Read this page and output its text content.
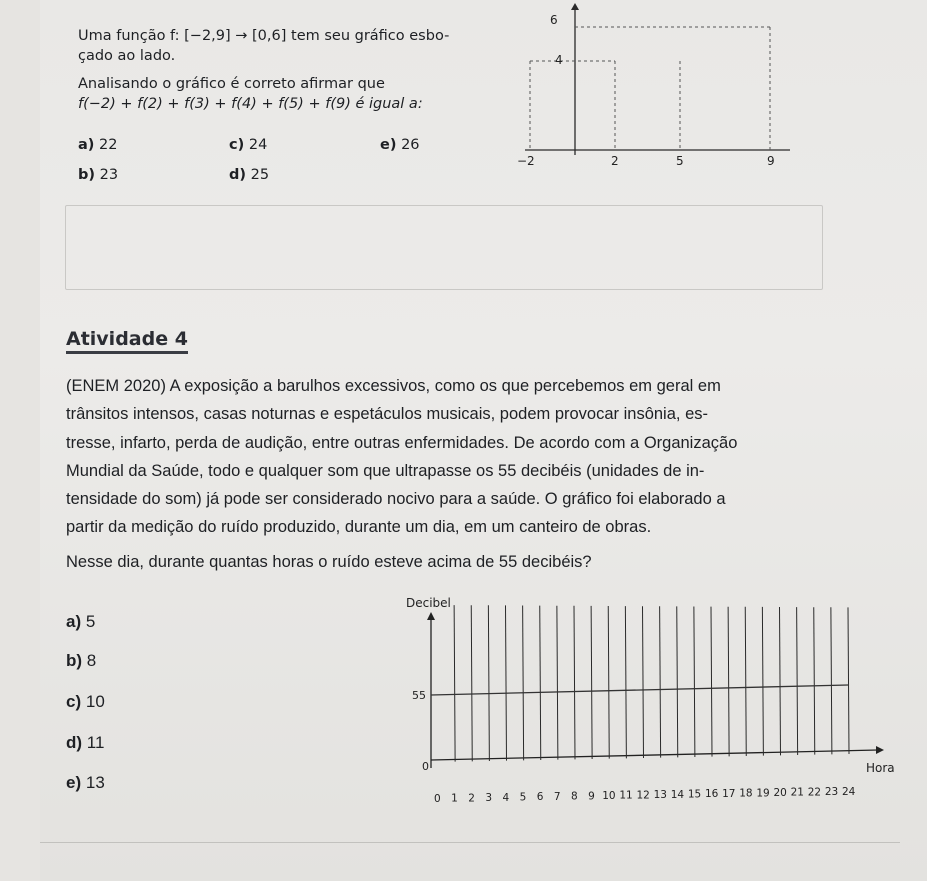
Uma função f: [−2,9] → [0,6] tem seu gráfico esbo-

çado ao lado.

Analisando o gráfico é correto afirmar que

f(−2) + f(2) + f(3) + f(4) + f(5) + f(9) é igual a:

a) 22
b) 23
c) 24
d) 25
e) 26
6
4
−2	2	5	9
Atividade 4
(ENEM 2020) A exposição a barulhos excessivos, como os que percebemos em geral em
trânsitos intensos, casas noturnas e espetáculos musicais, podem provocar insônia, es-
tresse, infarto, perda de audição, entre outras enfermidades. De acordo com a Organização
Mundial da Saúde, todo e qualquer som que ultrapasse os 55 decibéis (unidades de in-
tensidade do som) já pode ser considerado nocivo para a saúde. O gráfico foi elaborado a
partir da medição do ruído produzido, durante um dia, em um canteiro de obras.
Nesse dia, durante quantas horas o ruído esteve acima de 55 decibéis?
a) 5
b) 8
c) 10
d) 11
e) 13
Decibel
Hora
0 1 2 3 4 5 6 7 8 9 10 11 12 13 14 15 16 17 18 19 20 21 22 23 24
0
55
